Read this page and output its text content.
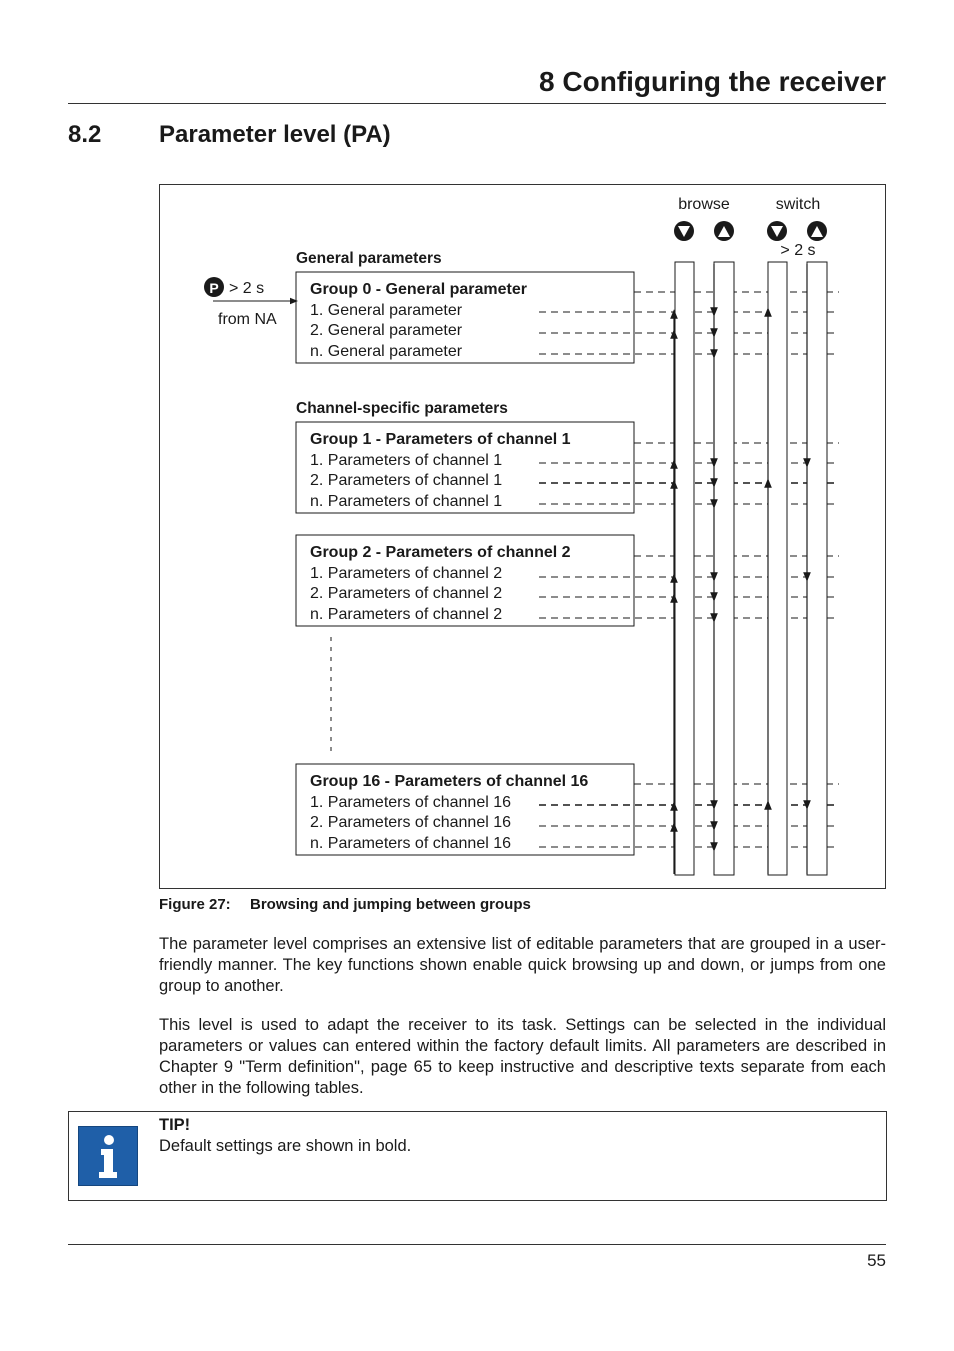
8 Configuring the receiver
8.2 Parameter level (PA)
browse	switch
> 2 s
P > 2 s
from NA
General parameters
Channel-specific parameters
Group 0 - General parameter
1. General parameter
2. General parameter
n. General parameter
Group 1 - Parameters of channel 1
1. Parameters of channel 1
2. Parameters of channel 1
n. Parameters of channel 1
Group 2 - Parameters of channel 2
1. Parameters of channel 2
2. Parameters of channel 2
n. Parameters of channel 2
Group 16 - Parameters of channel 16
1. Parameters of channel 16
2. Parameters of channel 16
n. Parameters of channel 16
Figure 27: Browsing and jumping between groups
The parameter level comprises an extensive list of editable parameters that are grouped in a user-friendly manner. The key functions shown enable quick browsing up and down, or jumps from one group to another.
This level is used to adapt the receiver to its task. Settings can be selected in the individual parameters or values can entered within the factory default limits. All parameters are described in Chapter 9 "Term definition", page 65 to keep instructive and descriptive texts separate from each other in the following tables.
TIP!
Default settings are shown in bold.
55
